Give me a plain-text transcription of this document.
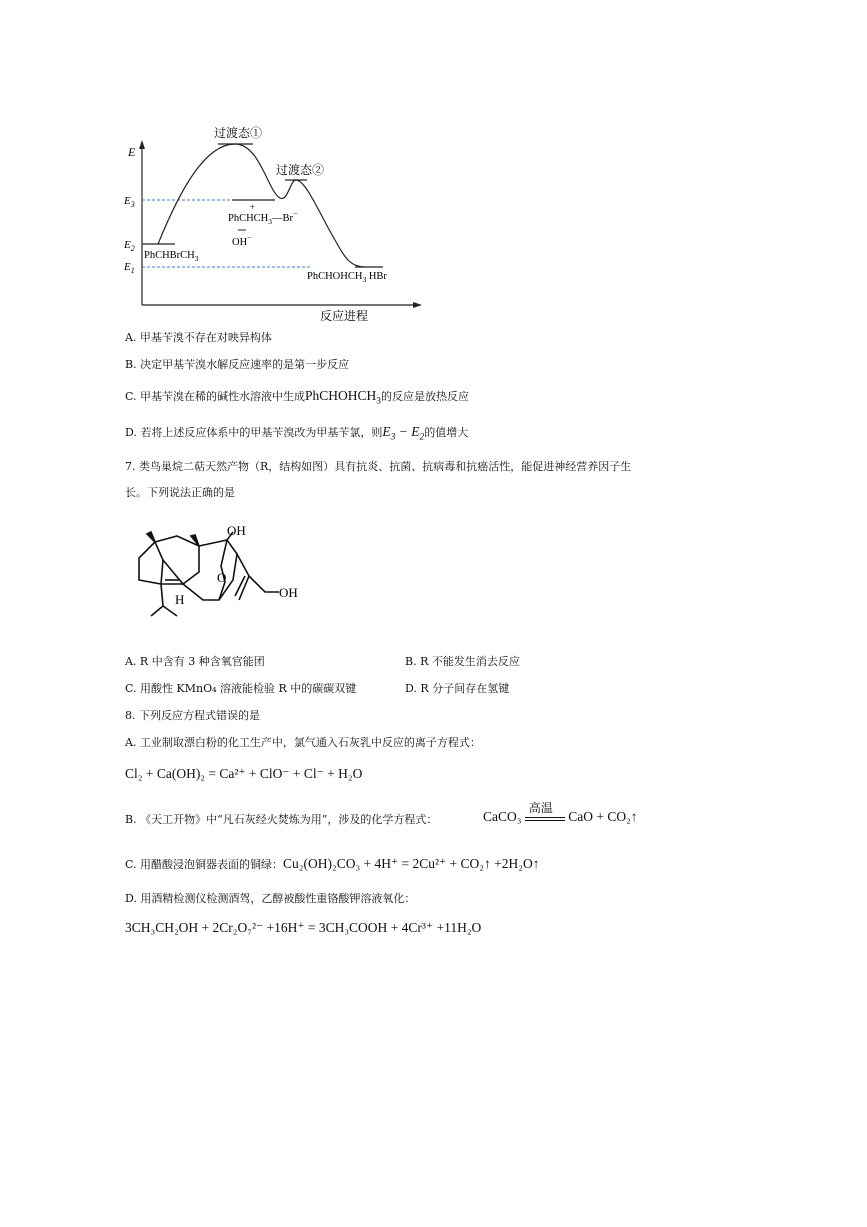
过渡态①
过渡态②
E
$E_3$
$E_2$
$E_1$
PhCHBrCH$_3$
PhCHCH$_3$—Br−
+
OH−
PhCHOHCH$_3$ HBr
反应进程
A. 甲基苄溴不存在对映异构体
B. 决定甲基苄溴水解反应速率的是第一步反应
C. 甲基苄溴在稀的碱性水溶液中生成PhCHOHCH$_3$的反应是放热反应
D. 若将上述反应体系中的甲基苄溴改为甲基苄氯，则$E_3 - E_2$的值增大
7. 类鸟巢烷二萜天然产物（R，结构如图）具有抗炎、抗菌、抗病毒和抗癌活性，能促进神经营养因子生
长。下列说法正确的是
OH
O
H	OH
A. R 中含有 3 种含氧官能团	B. R 不能发生消去反应
C. 用酸性 KMnO₄ 溶液能检验 R 中的碳碳双键	D. R 分子间存在氢键
8. 下列反应方程式错误的是
A. 工业制取漂白粉的化工生产中，氯气通入石灰乳中反应的离子方程式：
Cl₂ + Ca(OH)₂ = Ca²⁺ + ClO⁻ + Cl⁻ + H₂O
B. 《天工开物》中“凡石灰经火焚炼为用”，涉及的化学方程式：	CaCO₃
高温
CaO + CO₂↑
C. 用醋酸浸泡铜器表面的铜绿：Cu₂(OH)₂CO₃ + 4H⁺ = 2Cu²⁺ + CO₂↑ +2H₂O↑
D. 用酒精检测仪检测酒驾，乙醇被酸性重铬酸钾溶液氧化：
3CH₃CH₂OH + 2Cr₂O₇²⁻ +16H⁺ = 3CH₃COOH + 4Cr³⁺ +11H₂O
